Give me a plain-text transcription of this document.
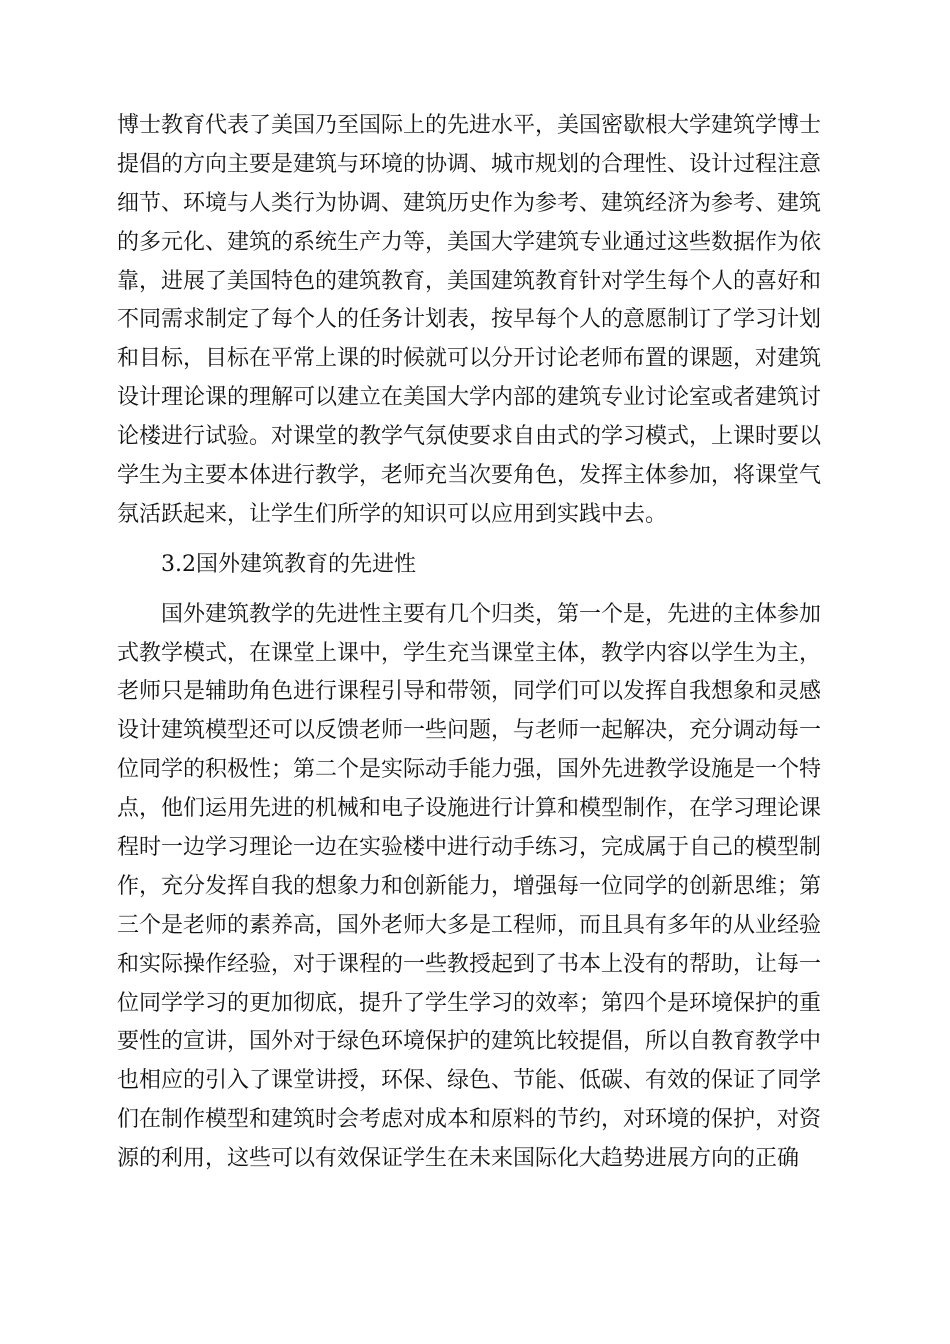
博士教育代表了美国乃至国际上的先进水平，美国密歇根大学建筑学博士
提倡的方向主要是建筑与环境的协调、城市规划的合理性、设计过程注意
细节、环境与人类行为协调、建筑历史作为参考、建筑经济为参考、建筑
的多元化、建筑的系统生产力等，美国大学建筑专业通过这些数据作为依
靠，进展了美国特色的建筑教育，美国建筑教育针对学生每个人的喜好和
不同需求制定了每个人的任务计划表，按早每个人的意愿制订了学习计划
和目标，目标在平常上课的时候就可以分开讨论老师布置的课题，对建筑
设计理论课的理解可以建立在美国大学内部的建筑专业讨论室或者建筑讨
论楼进行试验。对课堂的教学气氛使要求自由式的学习模式，上课时要以
学生为主要本体进行教学，老师充当次要角色，发挥主体参加，将课堂气
氛活跃起来，让学生们所学的知识可以应用到实践中去。
3.2国外建筑教育的先进性
国外建筑教学的先进性主要有几个归类，第一个是，先进的主体参加
式教学模式，在课堂上课中，学生充当课堂主体，教学内容以学生为主，
老师只是辅助角色进行课程引导和带领，同学们可以发挥自我想象和灵感
设计建筑模型还可以反馈老师一些问题，与老师一起解决，充分调动每一
位同学的积极性；第二个是实际动手能力强，国外先进教学设施是一个特
点，他们运用先进的机械和电子设施进行计算和模型制作，在学习理论课
程时一边学习理论一边在实验楼中进行动手练习，完成属于自己的模型制
作，充分发挥自我的想象力和创新能力，增强每一位同学的创新思维；第
三个是老师的素养高，国外老师大多是工程师，而且具有多年的从业经验
和实际操作经验，对于课程的一些教授起到了书本上没有的帮助，让每一
位同学学习的更加彻底，提升了学生学习的效率；第四个是环境保护的重
要性的宣讲，国外对于绿色环境保护的建筑比较提倡，所以自教育教学中
也相应的引入了课堂讲授，环保、绿色、节能、低碳、有效的保证了同学
们在制作模型和建筑时会考虑对成本和原料的节约，对环境的保护，对资
源的利用，这些可以有效保证学生在未来国际化大趋势进展方向的正确
